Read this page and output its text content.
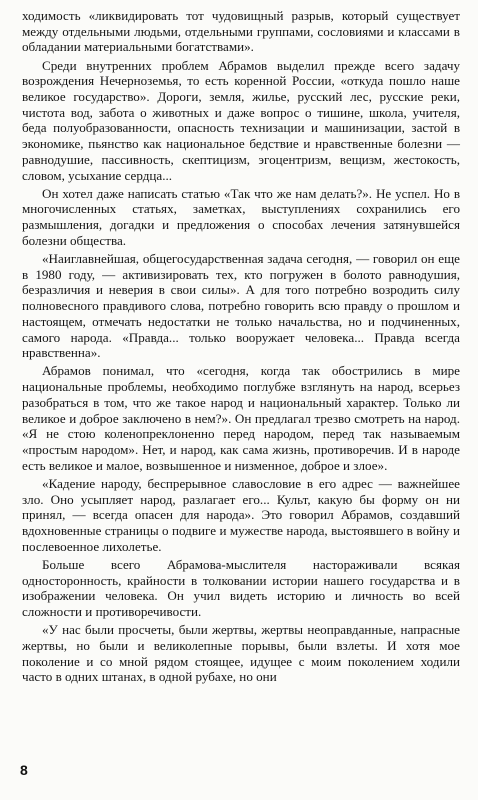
ходимость «ликвидировать тот чудовищный разрыв, который существует между отдельными людьми, отдельными группами, сословиями и классами в обладании материальными богатствами».

Среди внутренних проблем Абрамов выделил прежде всего задачу возрождения Нечерноземья, то есть коренной России, «откуда пошло наше великое государство». Дороги, земля, жилье, русский лес, русские реки, чистота вод, забота о животных и даже вопрос о тишине, школа, учителя, беда полуобразованности, опасность технизации и машинизации, застой в экономике, пьянство как национальное бедствие и нравственные болезни — равнодушие, пассивность, скептицизм, эгоцентризм, вещизм, жестокость, словом, усыхание сердца...

Он хотел даже написать статью «Так что же нам делать?». Не успел. Но в многочисленных статьях, заметках, выступлениях сохранились его размышления, догадки и предложения о способах лечения затянувшейся болезни общества.

«Наиглавнейшая, общегосударственная задача сегодня, — говорил он еще в 1980 году, — активизировать тех, кто погружен в болото равнодушия, безразличия и неверия в свои силы». А для того потребно возродить силу полновесного правдивого слова, потребно говорить всю правду о прошлом и настоящем, отмечать недостатки не только начальства, но и подчиненных, самого народа. «Правда... только вооружает человека... Правда всегда нравственна».

Абрамов понимал, что «сегодня, когда так обострились в мире национальные проблемы, необходимо поглубже взглянуть на народ, всерьез разобраться в том, что же такое народ и национальный характер. Только ли великое и доброе заключено в нем?». Он предлагал трезво смотреть на народ. «Я не стою коленопреклоненно перед народом, перед так называемым «простым народом». Нет, и народ, как сама жизнь, противоречив. И в народе есть великое и малое, возвышенное и низменное, доброе и злое».

«Кадение народу, беспрерывное славословие в его адрес — важнейшее зло. Оно усыпляет народ, разлагает его... Культ, какую бы форму он ни принял, — всегда опасен для народа». Это говорил Абрамов, создавший вдохновенные страницы о подвиге и мужестве народа, выстоявшего в войну и послевоенное лихолетье.

Больше всего Абрамова-мыслителя настораживали всякая односторонность, крайности в толковании истории нашего государства и в изображении человека. Он учил видеть историю и личность во всей сложности и противоречивости.

«У нас были просчеты, были жертвы, жертвы неоправданные, напрасные жертвы, но были и великолепные порывы, были взлеты. И хотя мое поколение и со мной рядом стоящее, идущее с моим поколением ходили часто в одних штанах, в одной рубахе, но они

8
